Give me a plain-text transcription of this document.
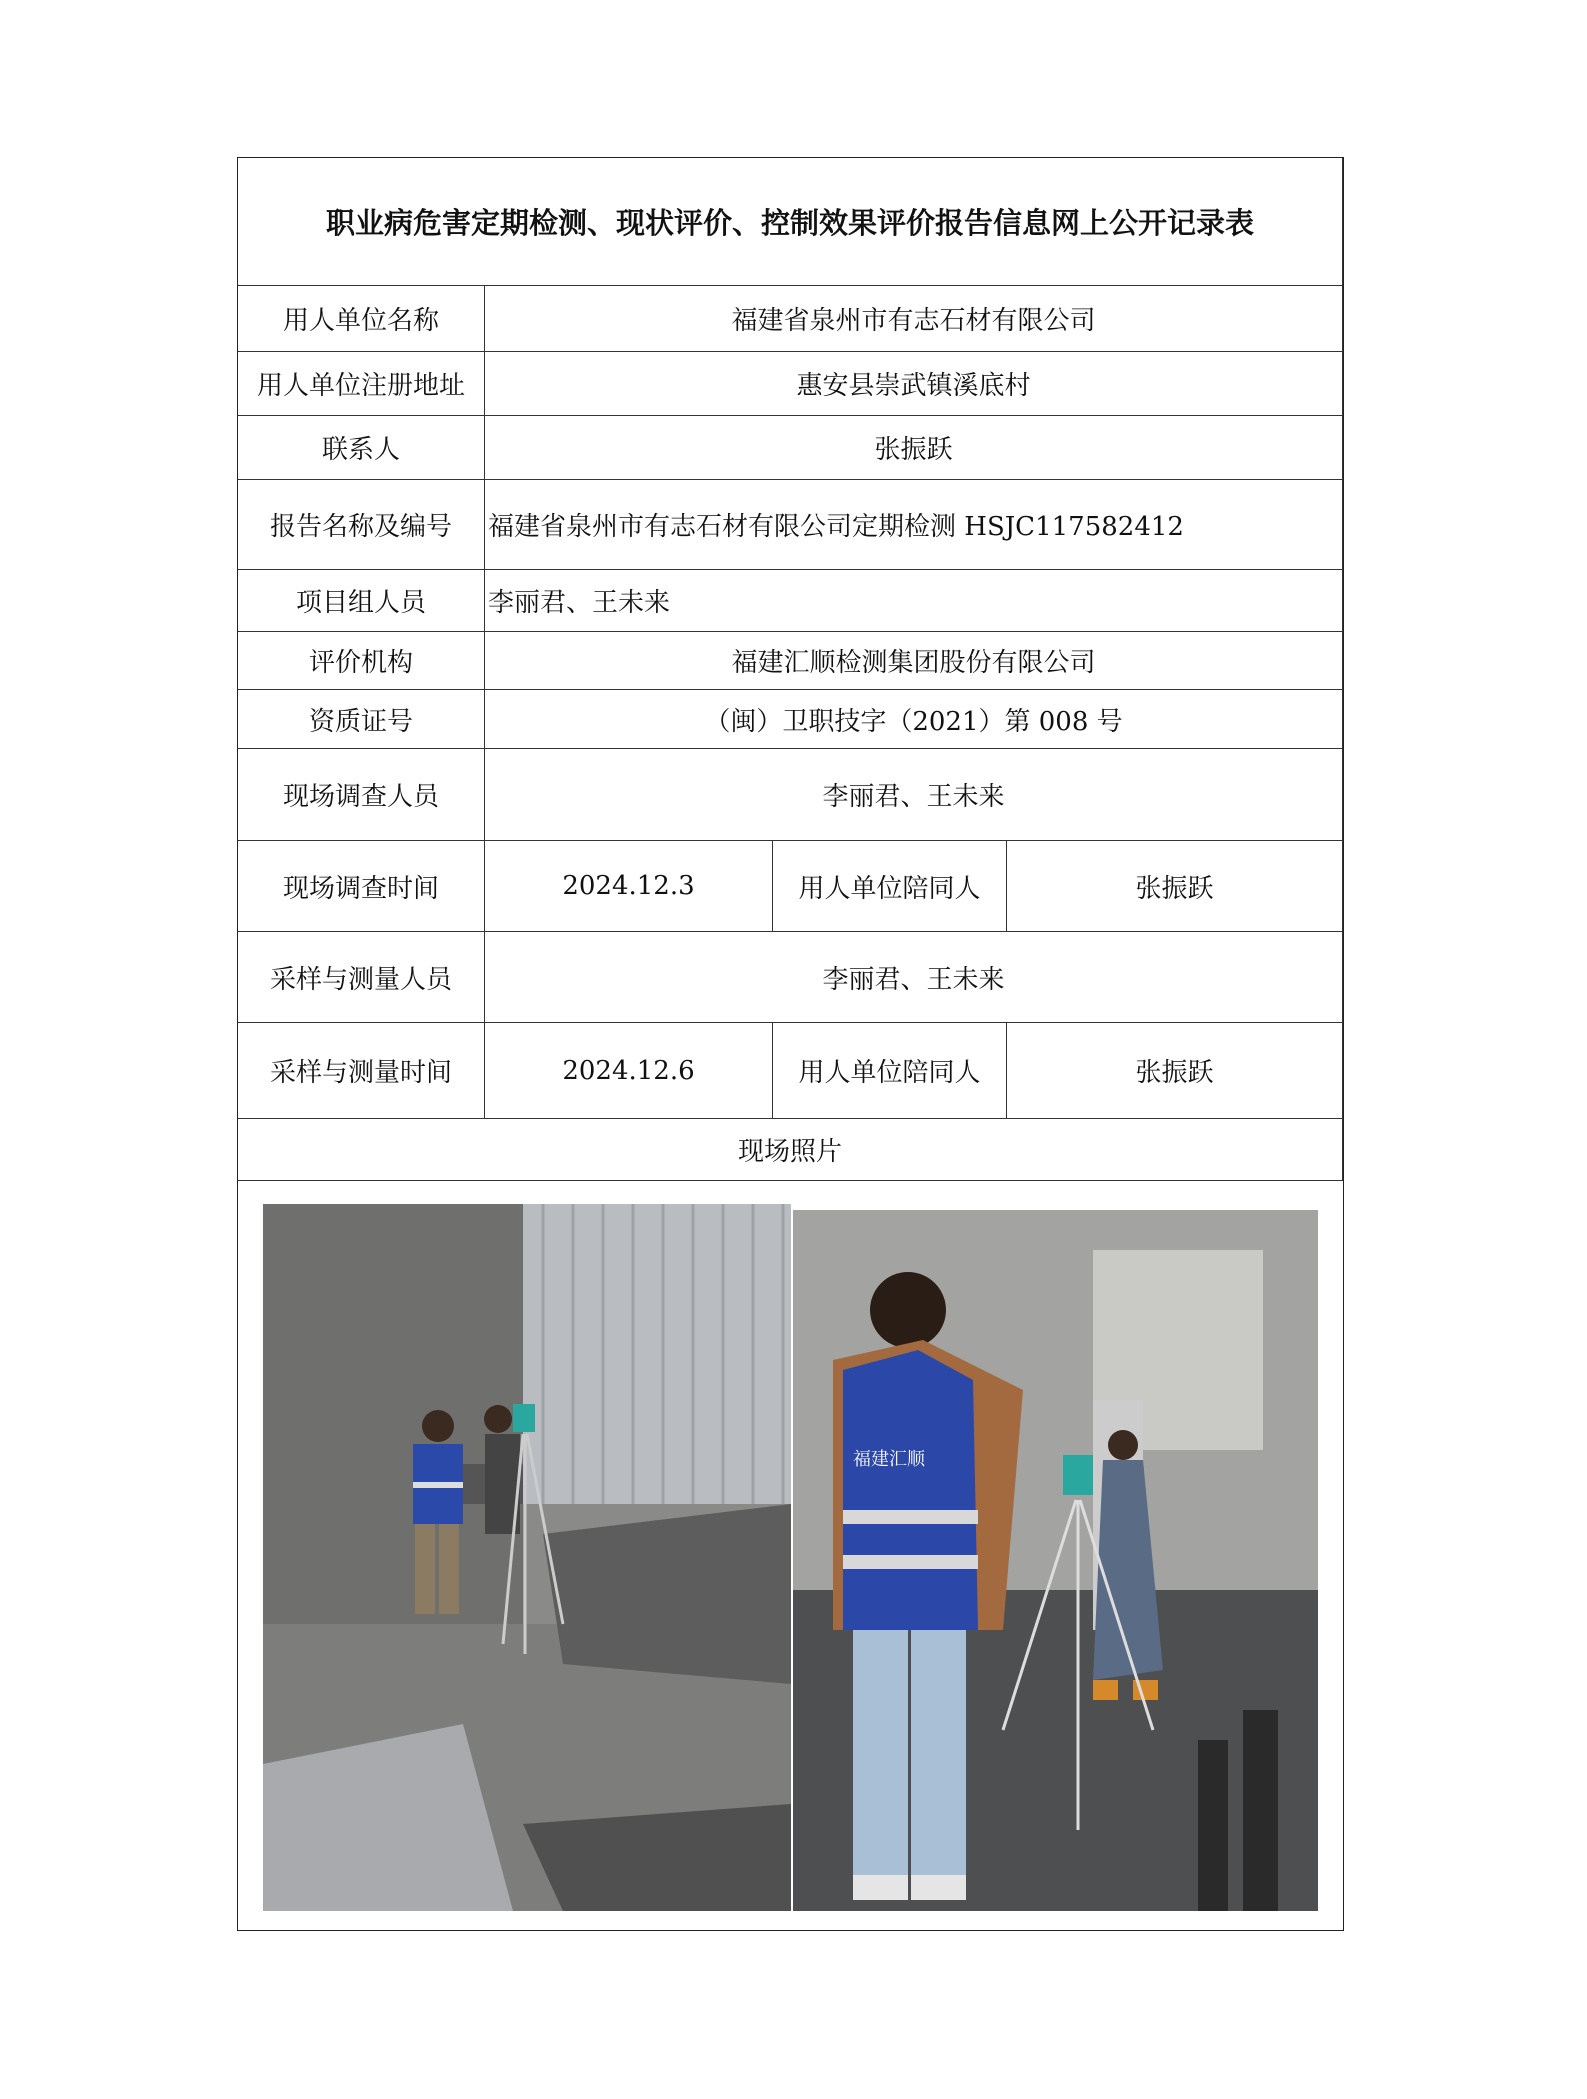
职业病危害定期检测、现状评价、控制效果评价报告信息网上公开记录表
用人单位名称	福建省泉州市有志石材有限公司
用人单位注册地址	惠安县崇武镇溪底村
联系人	张振跃
报告名称及编号	福建省泉州市有志石材有限公司定期检测 HSJC117582412
项目组人员	李丽君、王未来
评价机构	福建汇顺检测集团股份有限公司
资质证号	（闽）卫职技字（2021）第 008 号
现场调查人员	李丽君、王未来
现场调查时间	2024.12.3	用人单位陪同人	张振跃
采样与测量人员	李丽君、王未来
采样与测量时间	2024.12.6	用人单位陪同人	张振跃
现场照片
福建汇顺
